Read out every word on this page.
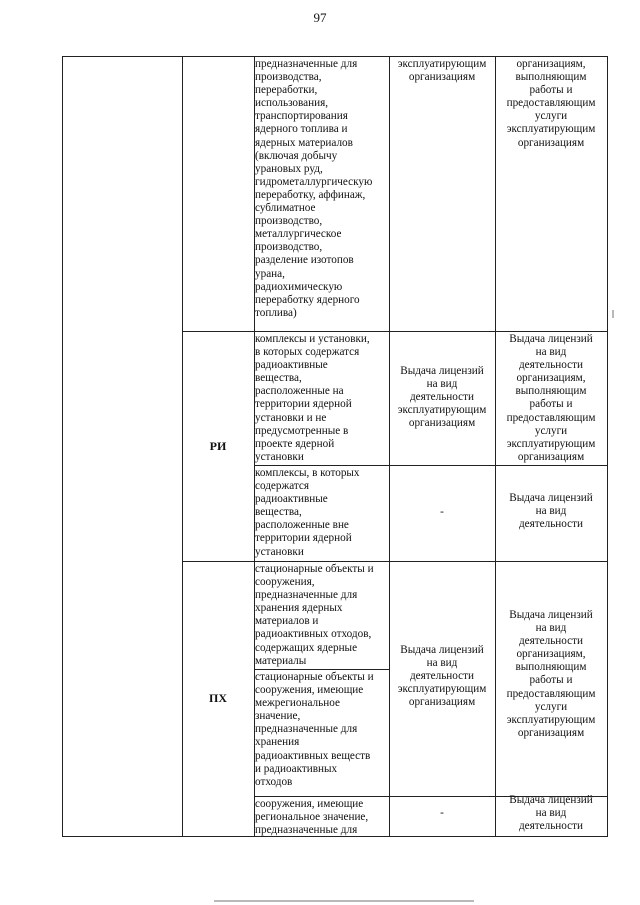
97
предназначенные для
производства,
переработки,
использования,
транспортирования
ядерного топлива и
ядерных материалов
(включая добычу
урановых руд,
гидрометаллургическую
переработку, аффинаж,
сублиматное
производство,
металлургическое
производство,
разделение изотопов
урана,
радиохимическую
переработку ядерного
топлива)
эксплуатирующим
организациям
организациям,
выполняющим
работы и
предоставляющим
услуги
эксплуатирующим
организациям
РИ
Выдача лицензий
на вид
деятельности
эксплуатирующим
организациям
комплексы и установки,
в которых содержатся
радиоактивные
вещества,
расположенные на
территории ядерной
установки и не
предусмотренные в
проекте ядерной
установки
Выдача лицензий
на вид
деятельности
организациям,
выполняющим
работы и
предоставляющим
услуги
эксплуатирующим
организациям
комплексы, в которых
содержатся
радиоактивные
вещества,
расположенные вне
территории ядерной
установки
-
Выдача лицензий
на вид
деятельности
ПХ
Выдача лицензий
на вид
деятельности
эксплуатирующим
организациям
Выдача лицензий
на вид
деятельности
организациям,
выполняющим
работы и
предоставляющим
услуги
эксплуатирующим
организациям
стационарные объекты и
сооружения,
предназначенные для
хранения ядерных
материалов и
радиоактивных отходов,
содержащих ядерные
материалы
стационарные объекты и
сооружения, имеющие
межрегиональное
значение,
предназначенные для
хранения
радиоактивных веществ
и радиоактивных
отходов
сооружения, имеющие
региональное значение,
предназначенные для
-
Выдача лицензий
на вид
деятельности
